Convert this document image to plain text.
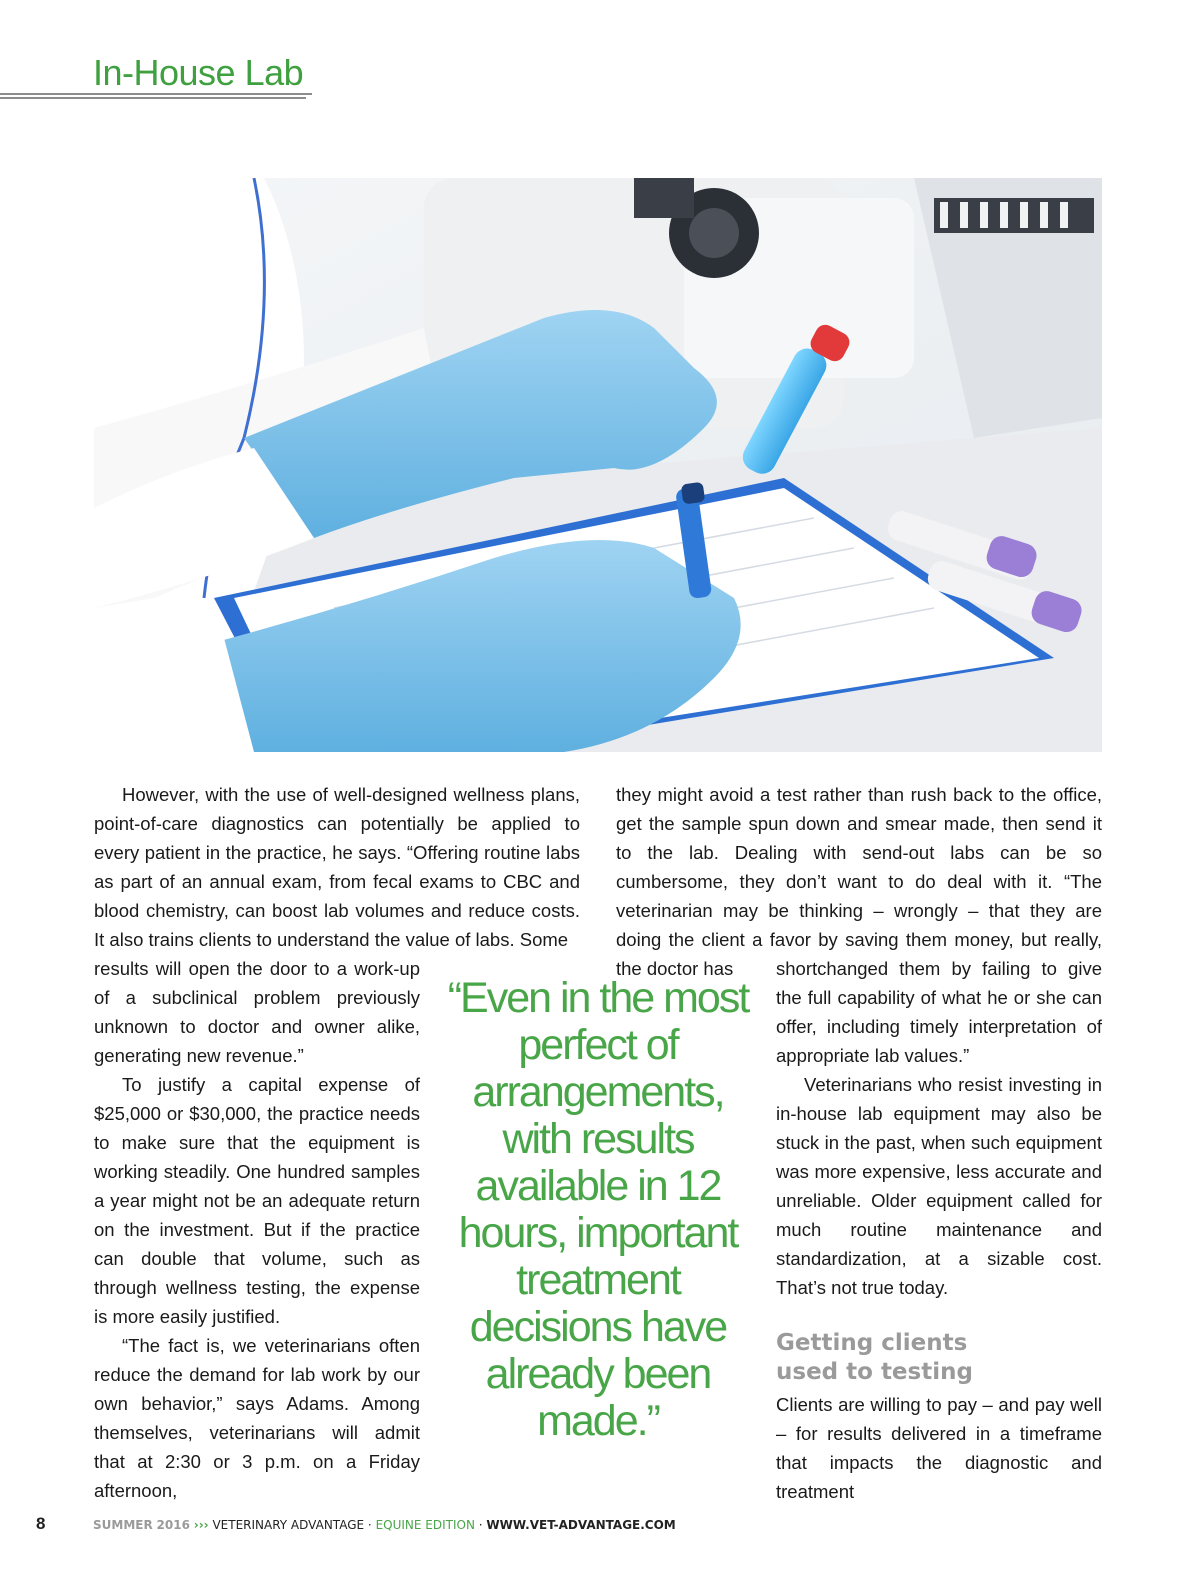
In-House Lab

However, with the use of well-designed wellness plans, point-of-care diagnostics can potentially be applied to every patient in the practice, he says. “Offering routine labs as part of an annual exam, from fecal exams to CBC and blood chemistry, can boost lab volumes and reduce costs. It also trains clients to understand the value of labs. Some

results will open the door to a work-up of a subclinical problem previously unknown to doctor and owner alike, generating new revenue.”

To justify a capital expense of $25,000 or $30,000, the practice needs to make sure that the equipment is working steadily. One hundred samples a year might not be an adequate return on the investment. But if the practice can double that volume, such as through wellness testing, the expense is more easily justified.

“The fact is, we veterinarians often reduce the demand for lab work by our own behavior,” says Adams. Among themselves, veterinarians will admit that at 2:30 or 3 p.m. on a Friday afternoon,

“Even in the most perfect of arrangements, with results available in 12 hours, important treatment decisions have already been made.”

they might avoid a test rather than rush back to the office, get the sample spun down and smear made, then send it to the lab. Dealing with send-out labs can be so cumbersome, they don’t want to do deal with it. “The veterinarian may be thinking – wrongly – that they are doing the client a favor by saving them money, but really, the doctor has	shortchanged them by failing to give the full capability of what he or she can offer, including timely interpretation of appropriate lab values.”

Veterinarians who resist investing in in-house lab equipment may also be stuck in the past, when such equipment was more expensive, less accurate and unreliable. Older equipment called for much routine maintenance and standardization, at a sizable cost. That’s not true today.

Getting clients
used to testing

Clients are willing to pay – and pay well – for results delivered in a timeframe that impacts the diagnostic and treatment

8	SUMMER 2016 ››› VETERINARY ADVANTAGE · EQUINE EDITION · WWW.VET-ADVANTAGE.COM
